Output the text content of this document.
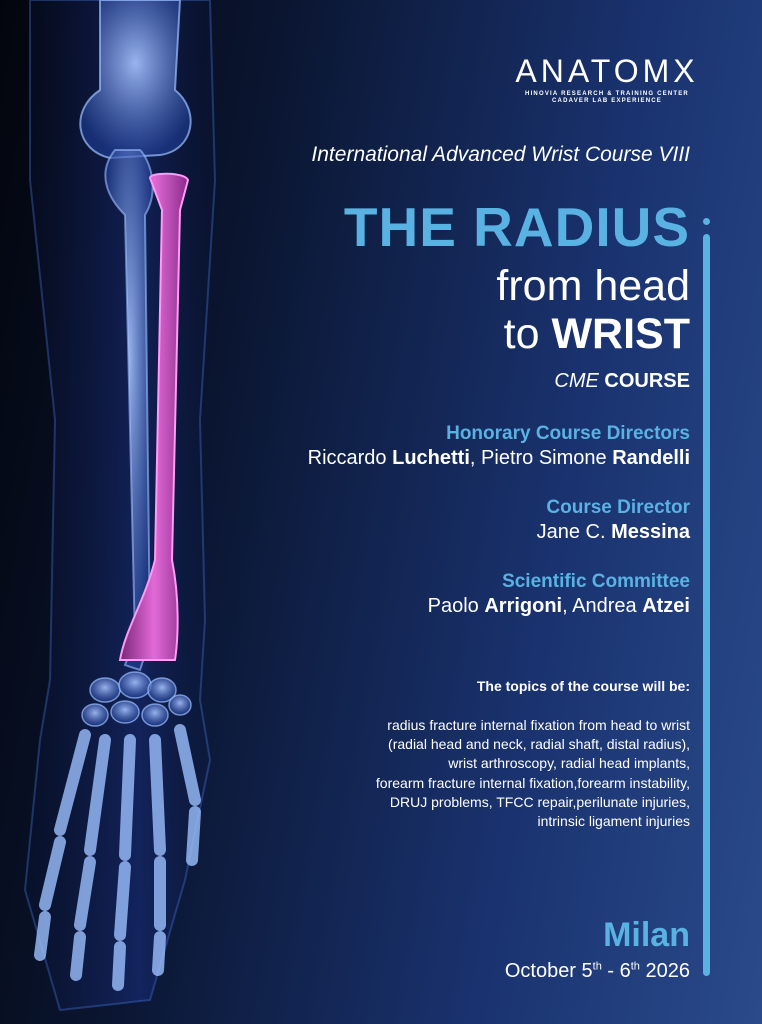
ANATOMX
HINOVIA RESEARCH & TRAINING CENTER
CADAVER LAB EXPERIENCE
International Advanced Wrist Course VIII
THE RADIUS
from head
to WRIST
CME COURSE
Honorary Course Directors
Riccardo Luchetti, Pietro Simone Randelli
Course Director
Jane C. Messina
Scientific Committee
Paolo Arrigoni, Andrea Atzei
The topics of the course will be:
radius fracture internal fixation from head to wrist
(radial head and neck, radial shaft, distal radius),
wrist arthroscopy, radial head implants,
forearm fracture internal fixation,forearm instability,
DRUJ problems, TFCC repair,perilunate injuries,
intrinsic ligament injuries
Milan
October 5th - 6th 2026
